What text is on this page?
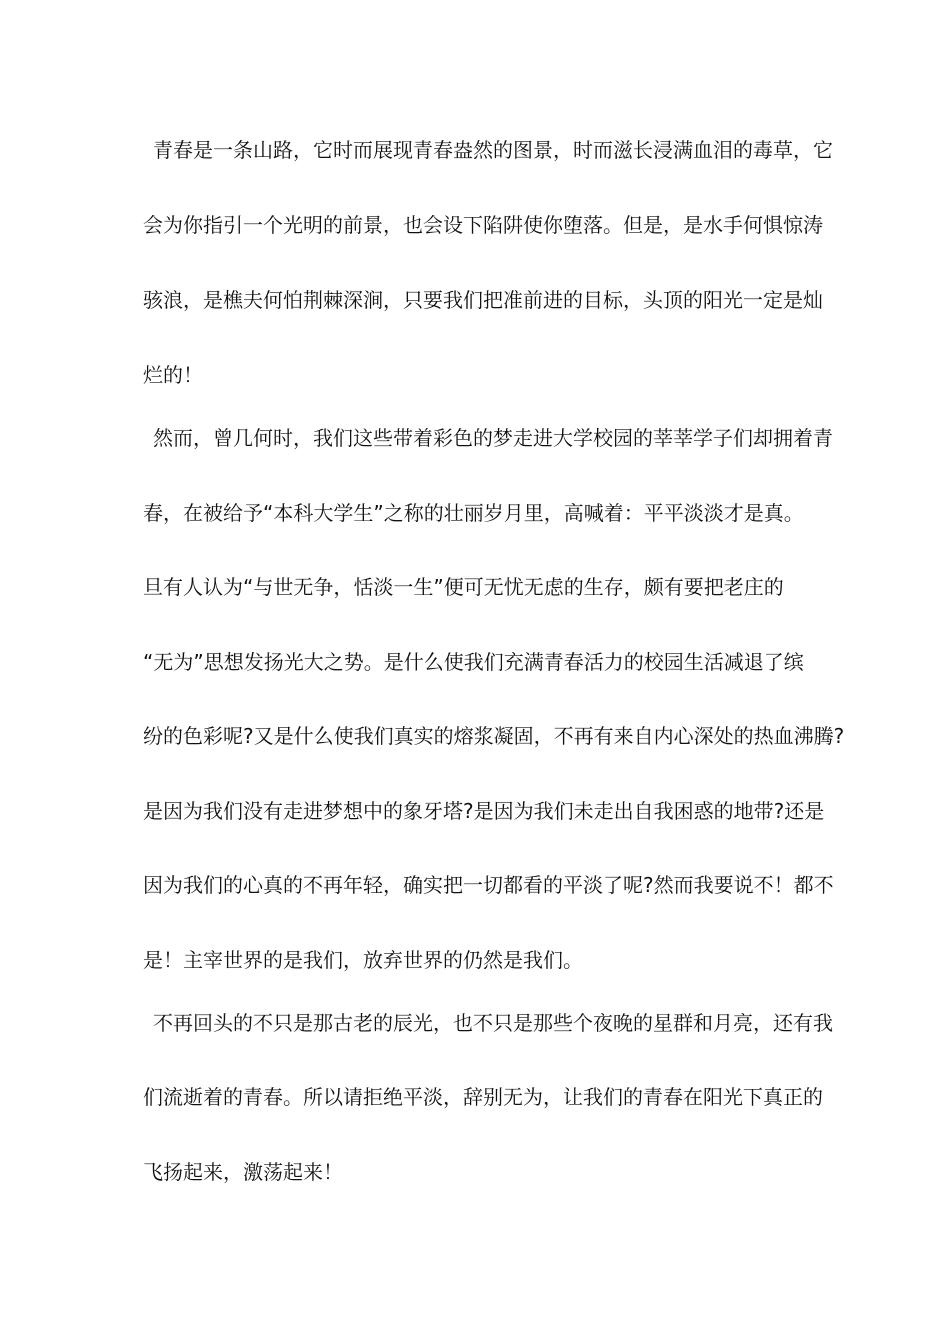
青春是一条山路，它时而展现青春盎然的图景，时而滋长浸满血泪的毒草，它
会为你指引一个光明的前景，也会设下陷阱使你堕落。但是，是水手何惧惊涛
骇浪，是樵夫何怕荆棘深涧，只要我们把准前进的目标，头顶的阳光一定是灿
烂的！
然而，曾几何时，我们这些带着彩色的梦走进大学校园的莘莘学子们却拥着青
春，在被给予“本科大学生”之称的壮丽岁月里，高喊着：平平淡淡才是真。
旦有人认为“与世无争，恬淡一生”便可无忧无虑的生存，颇有要把老庄的
“无为”思想发扬光大之势。是什么使我们充满青春活力的校园生活减退了缤
纷的色彩呢?又是什么使我们真实的熔浆凝固，不再有来自内心深处的热血沸腾?
是因为我们没有走进梦想中的象牙塔?是因为我们未走出自我困惑的地带?还是
因为我们的心真的不再年轻，确实把一切都看的平淡了呢?然而我要说不！都不
是！主宰世界的是我们，放弃世界的仍然是我们。
不再回头的不只是那古老的辰光，也不只是那些个夜晚的星群和月亮，还有我
们流逝着的青春。所以请拒绝平淡，辞别无为，让我们的青春在阳光下真正的
飞扬起来，激荡起来！
